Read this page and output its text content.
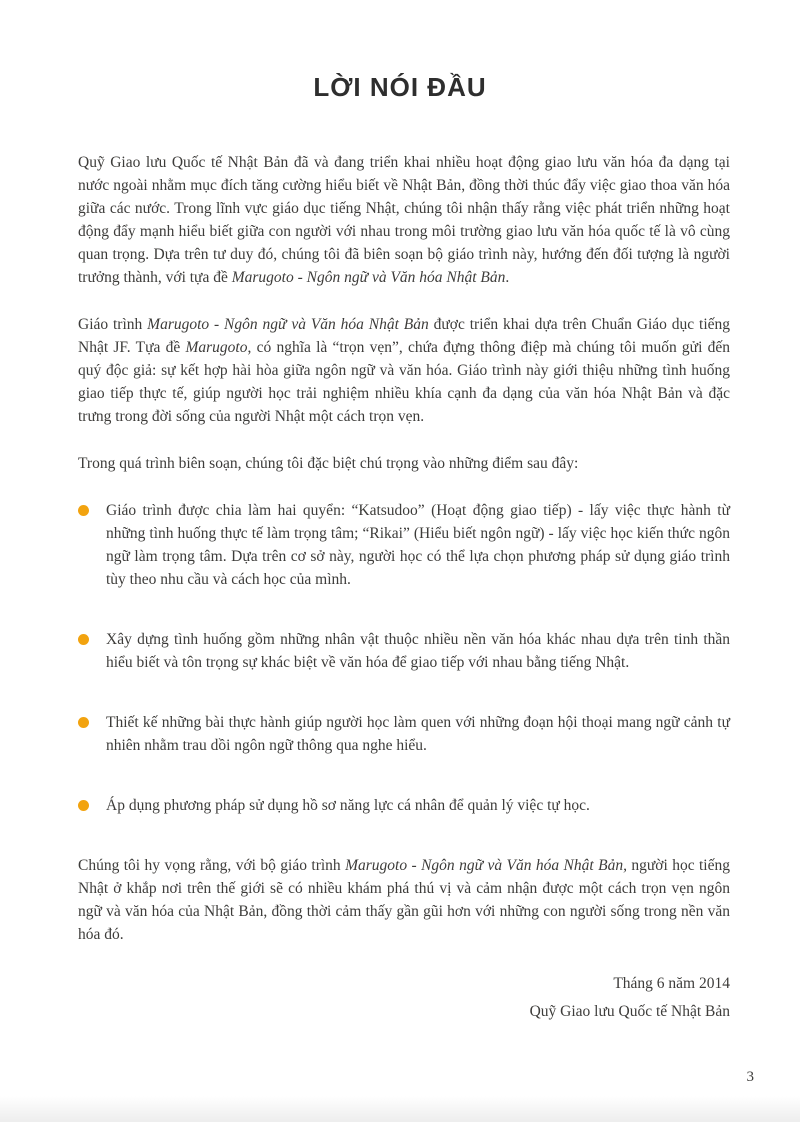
LỜI NÓI ĐẦU

Quỹ Giao lưu Quốc tế Nhật Bản đã và đang triển khai nhiều hoạt động giao lưu văn hóa đa dạng tại nước ngoài nhằm mục đích tăng cường hiểu biết về Nhật Bản, đồng thời thúc đẩy việc giao thoa văn hóa giữa các nước. Trong lĩnh vực giáo dục tiếng Nhật, chúng tôi nhận thấy rằng việc phát triển những hoạt động đẩy mạnh hiểu biết giữa con người với nhau trong môi trường giao lưu văn hóa quốc tế là vô cùng quan trọng. Dựa trên tư duy đó, chúng tôi đã biên soạn bộ giáo trình này, hướng đến đối tượng là người trưởng thành, với tựa đề Marugoto - Ngôn ngữ và Văn hóa Nhật Bản.

Giáo trình Marugoto - Ngôn ngữ và Văn hóa Nhật Bản được triển khai dựa trên Chuẩn Giáo dục tiếng Nhật JF. Tựa đề Marugoto, có nghĩa là “trọn vẹn”, chứa đựng thông điệp mà chúng tôi muốn gửi đến quý độc giả: sự kết hợp hài hòa giữa ngôn ngữ và văn hóa. Giáo trình này giới thiệu những tình huống giao tiếp thực tế, giúp người học trải nghiệm nhiều khía cạnh đa dạng của văn hóa Nhật Bản và đặc trưng trong đời sống của người Nhật một cách trọn vẹn.

Trong quá trình biên soạn, chúng tôi đặc biệt chú trọng vào những điểm sau đây:

Giáo trình được chia làm hai quyển: “Katsudoo” (Hoạt động giao tiếp) - lấy việc thực hành từ những tình huống thực tế làm trọng tâm; “Rikai” (Hiểu biết ngôn ngữ) - lấy việc học kiến thức ngôn ngữ làm trọng tâm. Dựa trên cơ sở này, người học có thể lựa chọn phương pháp sử dụng giáo trình tùy theo nhu cầu và cách học của mình.

Xây dựng tình huống gồm những nhân vật thuộc nhiều nền văn hóa khác nhau dựa trên tinh thần hiểu biết và tôn trọng sự khác biệt về văn hóa để giao tiếp với nhau bằng tiếng Nhật.

Thiết kế những bài thực hành giúp người học làm quen với những đoạn hội thoại mang ngữ cảnh tự nhiên nhằm trau dồi ngôn ngữ thông qua nghe hiểu.

Áp dụng phương pháp sử dụng hồ sơ năng lực cá nhân để quản lý việc tự học.

Chúng tôi hy vọng rằng, với bộ giáo trình Marugoto - Ngôn ngữ và Văn hóa Nhật Bản, người học tiếng Nhật ở khắp nơi trên thế giới sẽ có nhiều khám phá thú vị và cảm nhận được một cách trọn vẹn ngôn ngữ và văn hóa của Nhật Bản, đồng thời cảm thấy gần gũi hơn với những con người sống trong nền văn hóa đó.

Tháng 6 năm 2014
Quỹ Giao lưu Quốc tế Nhật Bản
3
